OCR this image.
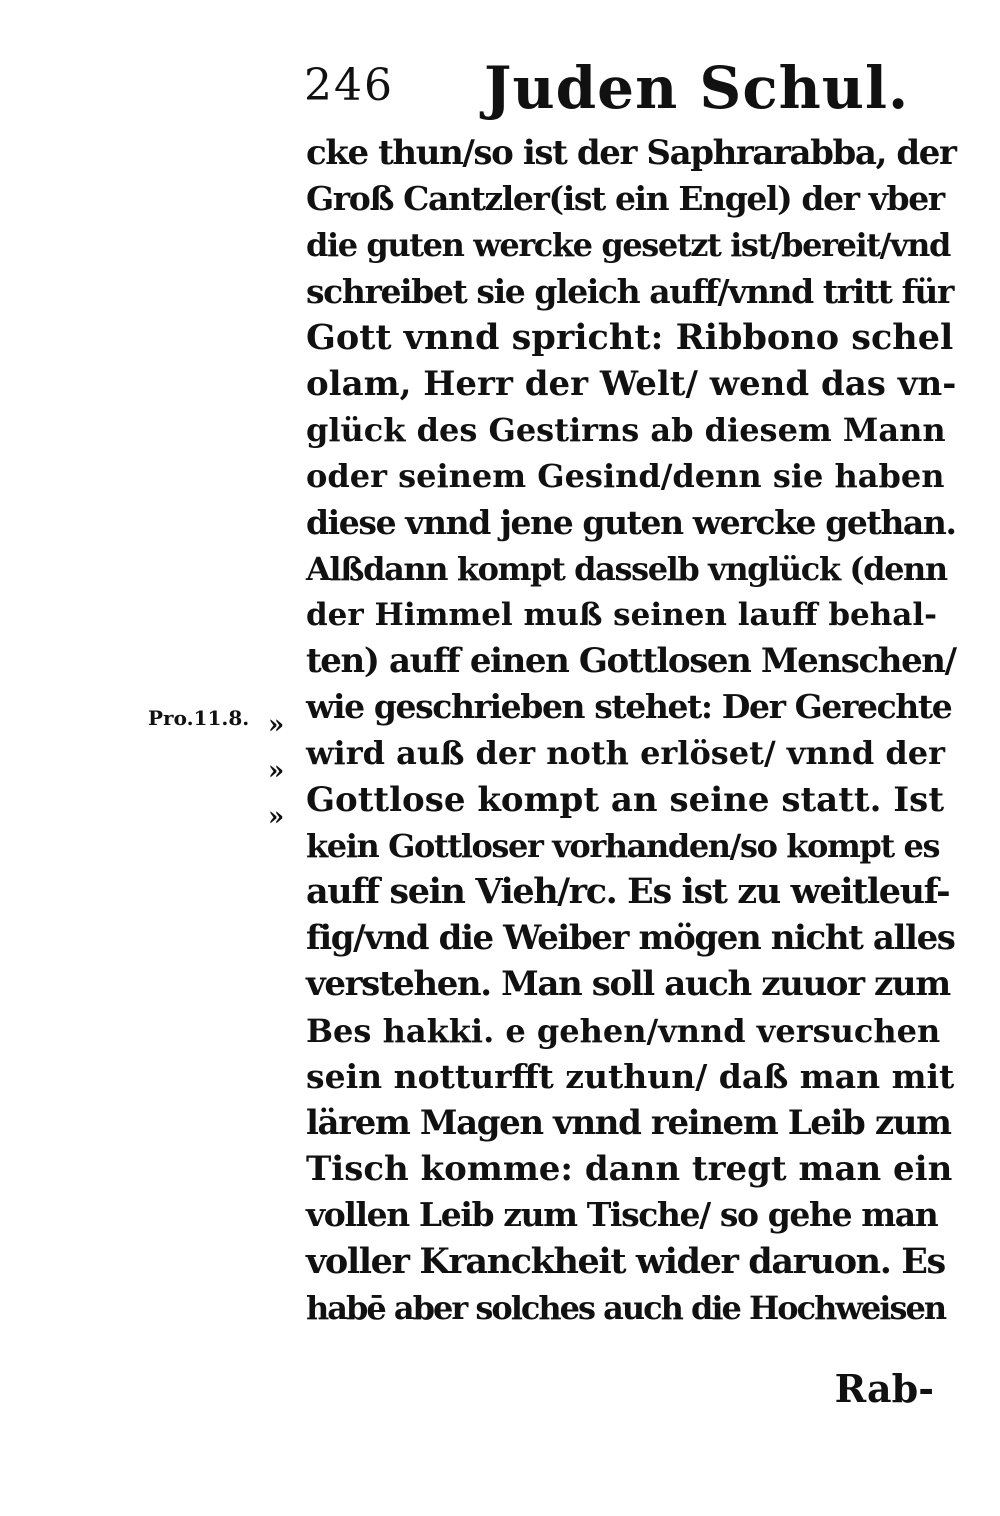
246 Juden Schul.
Pro.11.8. »
»
»
cke thun/so ist der Saphrarabba, der
Groß Cantzler(ist ein Engel) der vber
die guten wercke gesetzt ist/bereit/vnd
schreibet sie gleich auff/vnnd tritt für
Gott vnnd spricht: Ribbono schel
olam, Herr der Welt/ wend das vn-
glück des Gestirns ab diesem Mann
oder seinem Gesind/denn sie haben
diese vnnd jene guten wercke gethan.
Alßdann kompt dasselb vnglück (denn
der Himmel muß seinen lauff behal-
ten) auff einen Gottlosen Menschen/
wie geschrieben stehet: Der Gerechte
wird auß der noth erlöset/ vnnd der
Gottlose kompt an seine statt. Ist
kein Gottloser vorhanden/so kompt es
auff sein Vieh/rc. Es ist zu weitleuf-
fig/vnd die Weiber mögen nicht alles
verstehen. Man soll auch zuuor zum
Bes hakki. e gehen/vnnd versuchen
sein notturfft zuthun/ daß man mit
lärem Magen vnnd reinem Leib zum
Tisch komme: dann tregt man ein
vollen Leib zum Tische/ so gehe man
voller Kranckheit wider daruon. Es
habē aber solches auch die Hochweisen
Rab-
